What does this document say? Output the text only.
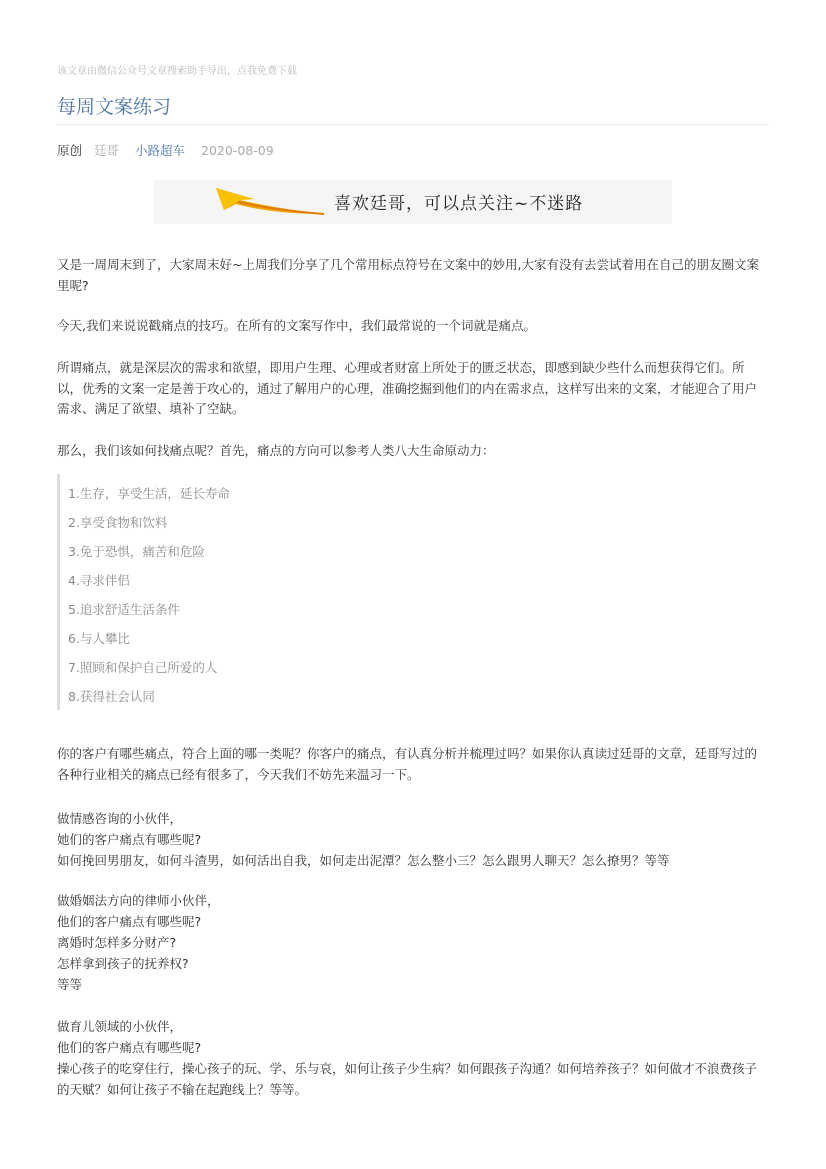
该文章由微信公众号文章搜索助手导出，点我免费下载
每周文案练习
原创 廷哥 小路超车 2020-08-09
喜欢廷哥，可以点关注~不迷路
又是一周周末到了，大家周末好~上周我们分享了几个常用标点符号在文案中的妙用,大家有没有去尝试着用在自己的朋友圈文案里呢?
今天,我们来说说戳痛点的技巧。在所有的文案写作中，我们最常说的一个词就是痛点。
所谓痛点，就是深层次的需求和欲望，即用户生理、心理或者财富上所处于的匮乏状态，即感到缺少些什么而想获得它们。所以，优秀的文案一定是善于攻心的，通过了解用户的心理，准确挖掘到他们的内在需求点，这样写出来的文案，才能迎合了用户需求、满足了欲望、填补了空缺。
那么，我们该如何找痛点呢？首先，痛点的方向可以参考人类八大生命原动力：
1.生存，享受生活，延长寿命
2.享受食物和饮料
3.免于恐惧，痛苦和危险
4.寻求伴侣
5.追求舒适生活条件
6.与人攀比
7.照顾和保护自己所爱的人
8.获得社会认同
你的客户有哪些痛点，符合上面的哪一类呢？你客户的痛点，有认真分析并梳理过吗？如果你认真读过廷哥的文章，廷哥写过的各种行业相关的痛点已经有很多了，今天我们不妨先来温习一下。
做情感咨询的小伙伴，
她们的客户痛点有哪些呢?
如何挽回男朋友，如何斗渣男，如何活出自我，如何走出泥潭？怎么整小三？怎么跟男人聊天？怎么撩男？等等
做婚姻法方向的律师小伙伴，
他们的客户痛点有哪些呢?
离婚时怎样多分财产?
怎样拿到孩子的抚养权?
等等
做育儿领域的小伙伴，
他们的客户痛点有哪些呢?
操心孩子的吃穿住行，操心孩子的玩、学、乐与哀，如何让孩子少生病？如何跟孩子沟通？如何培养孩子？如何做才不浪费孩子的天赋？如何让孩子不输在起跑线上？等等。
